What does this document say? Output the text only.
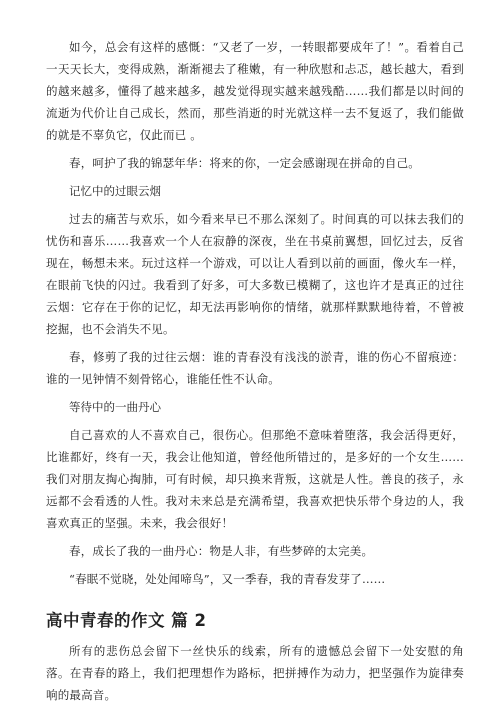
如今，总会有这样的感慨：“又老了一岁，一转眼都要成年了！”。看着自己一天天长大，变得成熟，渐渐褪去了稚嫩，有一种欣慰和忐忑，越长越大，看到的越来越多，懂得了越来越多，越发觉得现实越来越残酷……我们都是以时间的流逝为代价让自己成长，然而，那些消逝的时光就这样一去不复返了，我们能做的就是不辜负它，仅此而已 。

春，呵护了我的锦瑟年华：将来的你，一定会感谢现在拼命的自己。

记忆中的过眼云烟

过去的痛苦与欢乐，如今看来早已不那么深刻了。时间真的可以抹去我们的忧伤和喜乐……我喜欢一个人在寂静的深夜，坐在书桌前翼想，回忆过去，反省现在，畅想未来。玩过这样一个游戏，可以让人看到以前的画面，像火车一样，在眼前飞快的闪过。我看到了好多，可大多数已模糊了，这也许才是真正的过往云烟：它存在于你的记忆，却无法再影响你的情绪，就那样默默地待着，不曾被挖掘，也不会消失不见。

春，修剪了我的过往云烟：谁的青春没有浅浅的淤青，谁的伤心不留痕迹：谁的一见钟情不刻骨铭心，谁能任性不认命。

等待中的一曲丹心

自己喜欢的人不喜欢自己，很伤心。但那绝不意味着堕落，我会活得更好，比谁都好，终有一天，我会让他知道，曾经他所错过的，是多好的一个女生……我们对朋友掏心掏肺，可有时候，却只换来背叛，这就是人性。善良的孩子，永远都不会看透的人性。我对未来总是充满希望，我喜欢把快乐带个身边的人，我喜欢真正的坚强。未来，我会很好！

春，成长了我的一曲丹心：物是人非，有些梦碎的太完美。

“春眠不觉晓，处处闻啼鸟”，又一季春，我的青春发芽了……

高中青春的作文 篇 2

所有的悲伤总会留下一丝快乐的线索，所有的遗憾总会留下一处安慰的角落。在青春的路上，我们把理想作为路标，把拼搏作为动力，把坚强作为旋律奏响的最高音。
